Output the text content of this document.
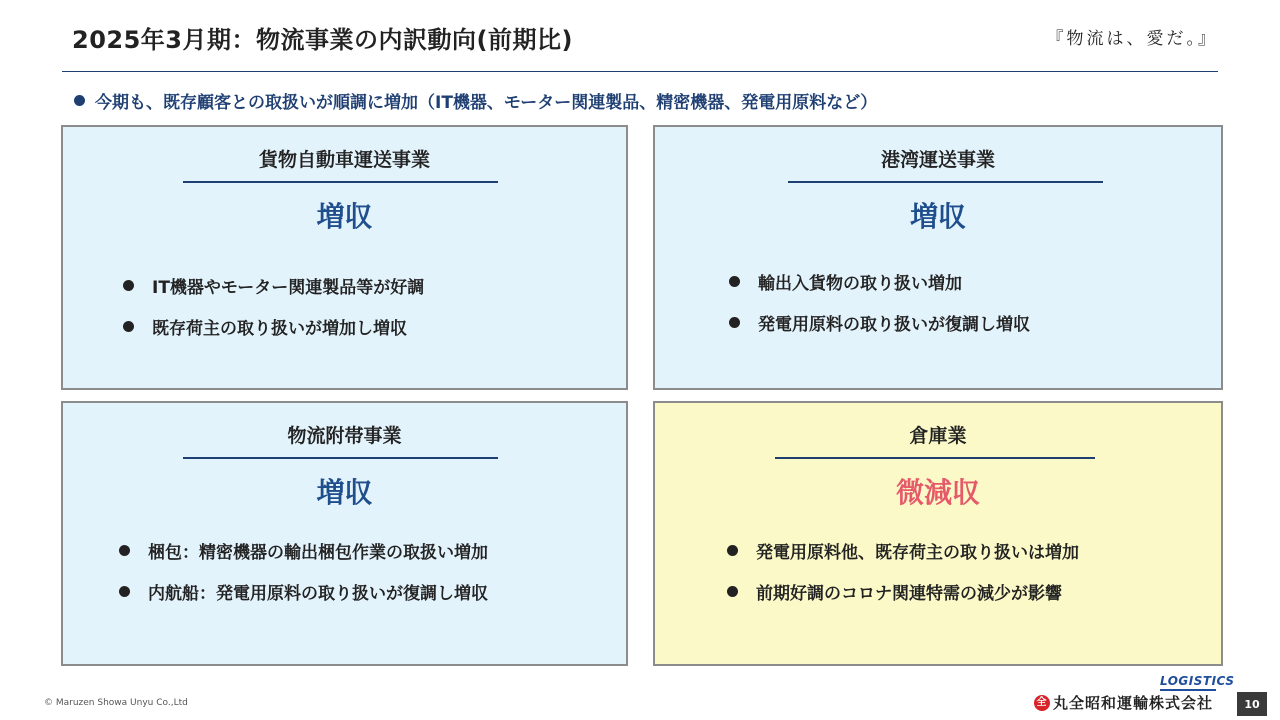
2025年3月期：物流事業の内訳動向(前期比)	『物流は、愛だ。』
今期も、既存顧客との取扱いが順調に増加（IT機器、モーター関連製品、精密機器、発電用原料など）
貨物自動車運送事業
増収
IT機器やモーター関連製品等が好調
既存荷主の取り扱いが増加し増収
港湾運送事業
増収
輸出入貨物の取り扱い増加
発電用原料の取り扱いが復調し増収
物流附帯事業
増収
梱包：精密機器の輸出梱包作業の取扱い増加
内航船：発電用原料の取り扱いが復調し増収
倉庫業
微減収
発電用原料他、既存荷主の取り扱いは増加
前期好調のコロナ関連特需の減少が影響
© Maruzen Showa Unyu Co.,Ltd
LOGISTICS
全 丸全昭和運輸株式会社	10
